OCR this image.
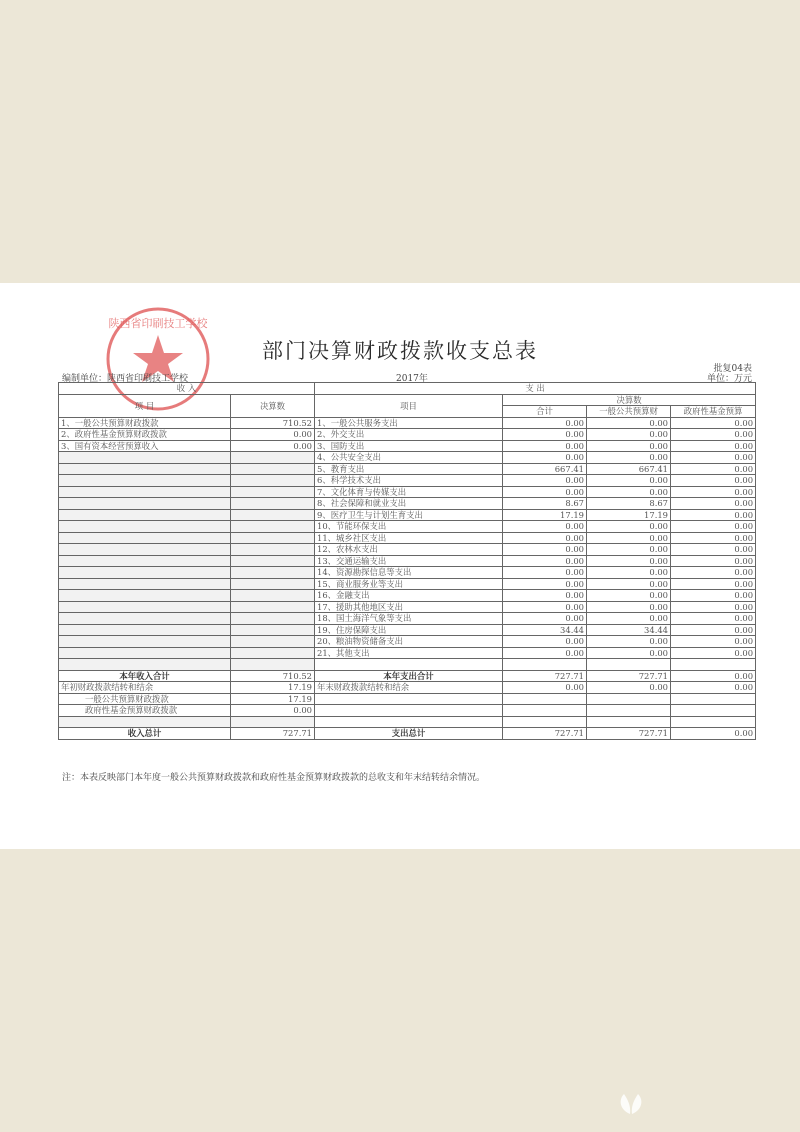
陕西省印刷技工学校
部门决算财政拨款收支总表
编制单位：陕西省印刷技工学校	2017年
批复04表
单位：万元
收 入		支 出			
项 目	决算数	项目	决算数		
			合计	一般公共预算财	政府性基金预算
1、一般公共预算财政拨款	710.52	1、一般公共服务支出	0.00	0.00	0.00
2、政府性基金预算财政拨款	0.00	2、外交支出	0.00	0.00	0.00
3、国有资本经营预算收入	0.00	3、国防支出	0.00	0.00	0.00
		4、公共安全支出	0.00	0.00	0.00
		5、教育支出	667.41	667.41	0.00
		6、科学技术支出	0.00	0.00	0.00
		7、文化体育与传媒支出	0.00	0.00	0.00
		8、社会保障和就业支出	8.67	8.67	0.00
		9、医疗卫生与计划生育支出	17.19	17.19	0.00
		10、节能环保支出	0.00	0.00	0.00
		11、城乡社区支出	0.00	0.00	0.00
		12、农林水支出	0.00	0.00	0.00
		13、交通运输支出	0.00	0.00	0.00
		14、资源勘探信息等支出	0.00	0.00	0.00
		15、商业服务业等支出	0.00	0.00	0.00
		16、金融支出	0.00	0.00	0.00
		17、援助其他地区支出	0.00	0.00	0.00
		18、国土海洋气象等支出	0.00	0.00	0.00
		19、住房保障支出	34.44	34.44	0.00
		20、粮油物资储备支出	0.00	0.00	0.00
		21、其他支出	0.00	0.00	0.00

本年收入合计	710.52	本年支出合计	727.71	727.71	0.00
年初财政拨款结转和结余	17.19	年末财政拨款结转和结余	0.00	0.00	0.00
一般公共预算财政拨款	17.19				
政府性基金预算财政拨款	0.00				

收入总计	727.71	支出总计	727.71	727.71	0.00
注：本表反映部门本年度一般公共预算财政拨款和政府性基金预算财政拨款的总收支和年末结转结余情况。
